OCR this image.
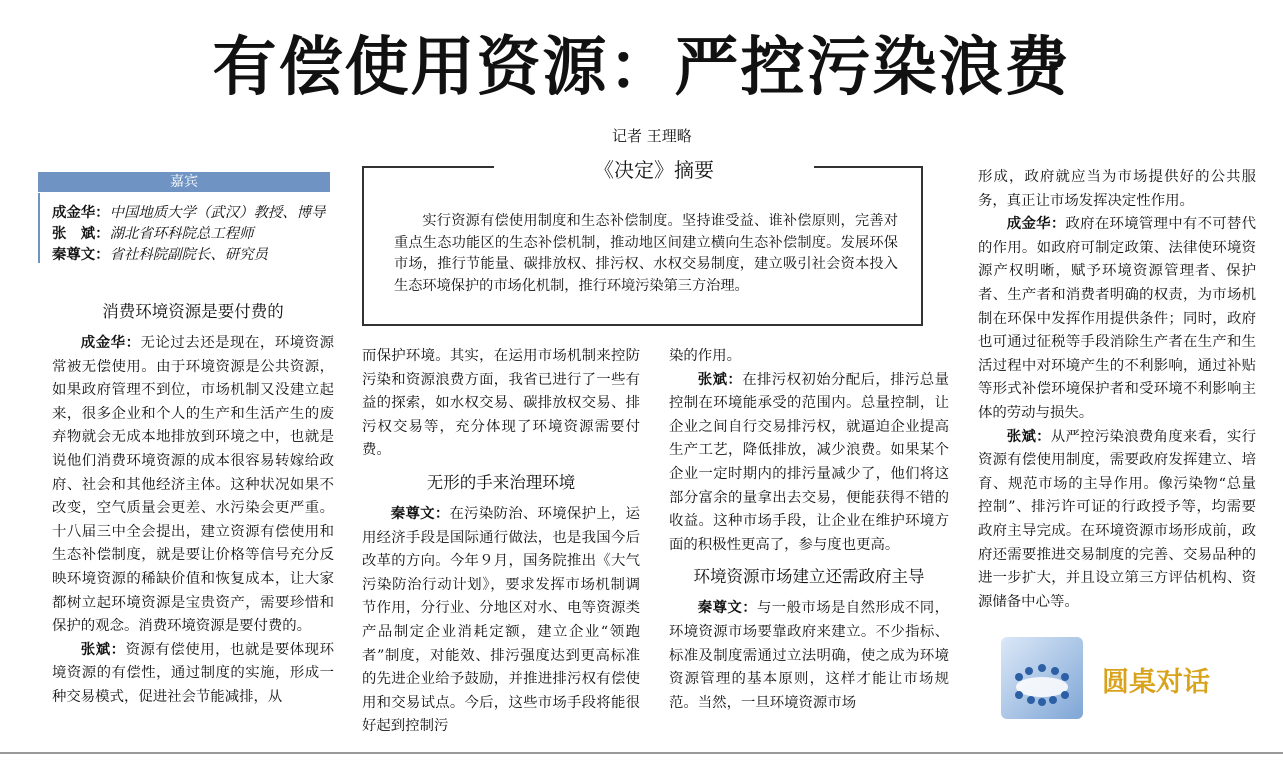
有偿使用资源：严控污染浪费
记者 王理略
嘉宾
成金华：中国地质大学（武汉）教授、博导
张　斌：湖北省环科院总工程师
秦尊文：省社科院副院长、研究员
《决定》摘要
实行资源有偿使用制度和生态补偿制度。坚持谁受益、谁补偿原则，完善对重点生态功能区的生态补偿机制，推动地区间建立横向生态补偿制度。发展环保市场，推行节能量、碳排放权、排污权、水权交易制度，建立吸引社会资本投入生态环境保护的市场化机制，推行环境污染第三方治理。
消费环境资源是要付费的

成金华：无论过去还是现在，环境资源常被无偿使用。由于环境资源是公共资源，如果政府管理不到位，市场机制又没建立起来，很多企业和个人的生产和生活产生的废弃物就会无成本地排放到环境之中，也就是说他们消费环境资源的成本很容易转嫁给政府、社会和其他经济主体。这种状况如果不改变，空气质量会更差、水污染会更严重。十八届三中全会提出，建立资源有偿使用和生态补偿制度，就是要让价格等信号充分反映环境资源的稀缺价值和恢复成本，让大家都树立起环境资源是宝贵资产，需要珍惜和保护的观念。消费环境资源是要付费的。

张斌：资源有偿使用，也就是要体现环境资源的有偿性，通过制度的实施，形成一种交易模式，促进社会节能减排，从

而保护环境。其实，在运用市场机制来控防污染和资源浪费方面，我省已进行了一些有益的探索，如水权交易、碳排放权交易、排污权交易等，充分体现了环境资源需要付费。

无形的手来治理环境

秦尊文：在污染防治、环境保护上，运用经济手段是国际通行做法，也是我国今后改革的方向。今年９月，国务院推出《大气污染防治行动计划》，要求发挥市场机制调节作用，分行业、分地区对水、电等资源类产品制定企业消耗定额，建立企业“领跑者”制度，对能效、排污强度达到更高标准的先进企业给予鼓励，并推进排污权有偿使用和交易试点。今后，这些市场手段将能很好起到控制污

染的作用。

张斌：在排污权初始分配后，排污总量控制在环境能承受的范围内。总量控制，让企业之间自行交易排污权，就逼迫企业提高生产工艺，降低排放，减少浪费。如果某个企业一定时期内的排污量减少了，他们将这部分富余的量拿出去交易，便能获得不错的收益。这种市场手段，让企业在维护环境方面的积极性更高了，参与度也更高。

环境资源市场建立还需政府主导

秦尊文：与一般市场是自然形成不同，环境资源市场要靠政府来建立。不少指标、标准及制度需通过立法明确，使之成为环境资源管理的基本原则，这样才能让市场规范。当然，一旦环境资源市场

形成，政府就应当为市场提供好的公共服务，真正让市场发挥决定性作用。

成金华：政府在环境管理中有不可替代的作用。如政府可制定政策、法律使环境资源产权明晰，赋予环境资源管理者、保护者、生产者和消费者明确的权责，为市场机制在环保中发挥作用提供条件；同时，政府也可通过征税等手段消除生产者在生产和生活过程中对环境产生的不利影响，通过补贴等形式补偿环境保护者和受环境不利影响主体的劳动与损失。

张斌：从严控污染浪费角度来看，实行资源有偿使用制度，需要政府发挥建立、培育、规范市场的主导作用。像污染物“总量控制”、排污许可证的行政授予等，均需要政府主导完成。在环境资源市场形成前，政府还需要推进交易制度的完善、交易品种的进一步扩大，并且设立第三方评估机构、资源储备中心等。

圆桌对话
